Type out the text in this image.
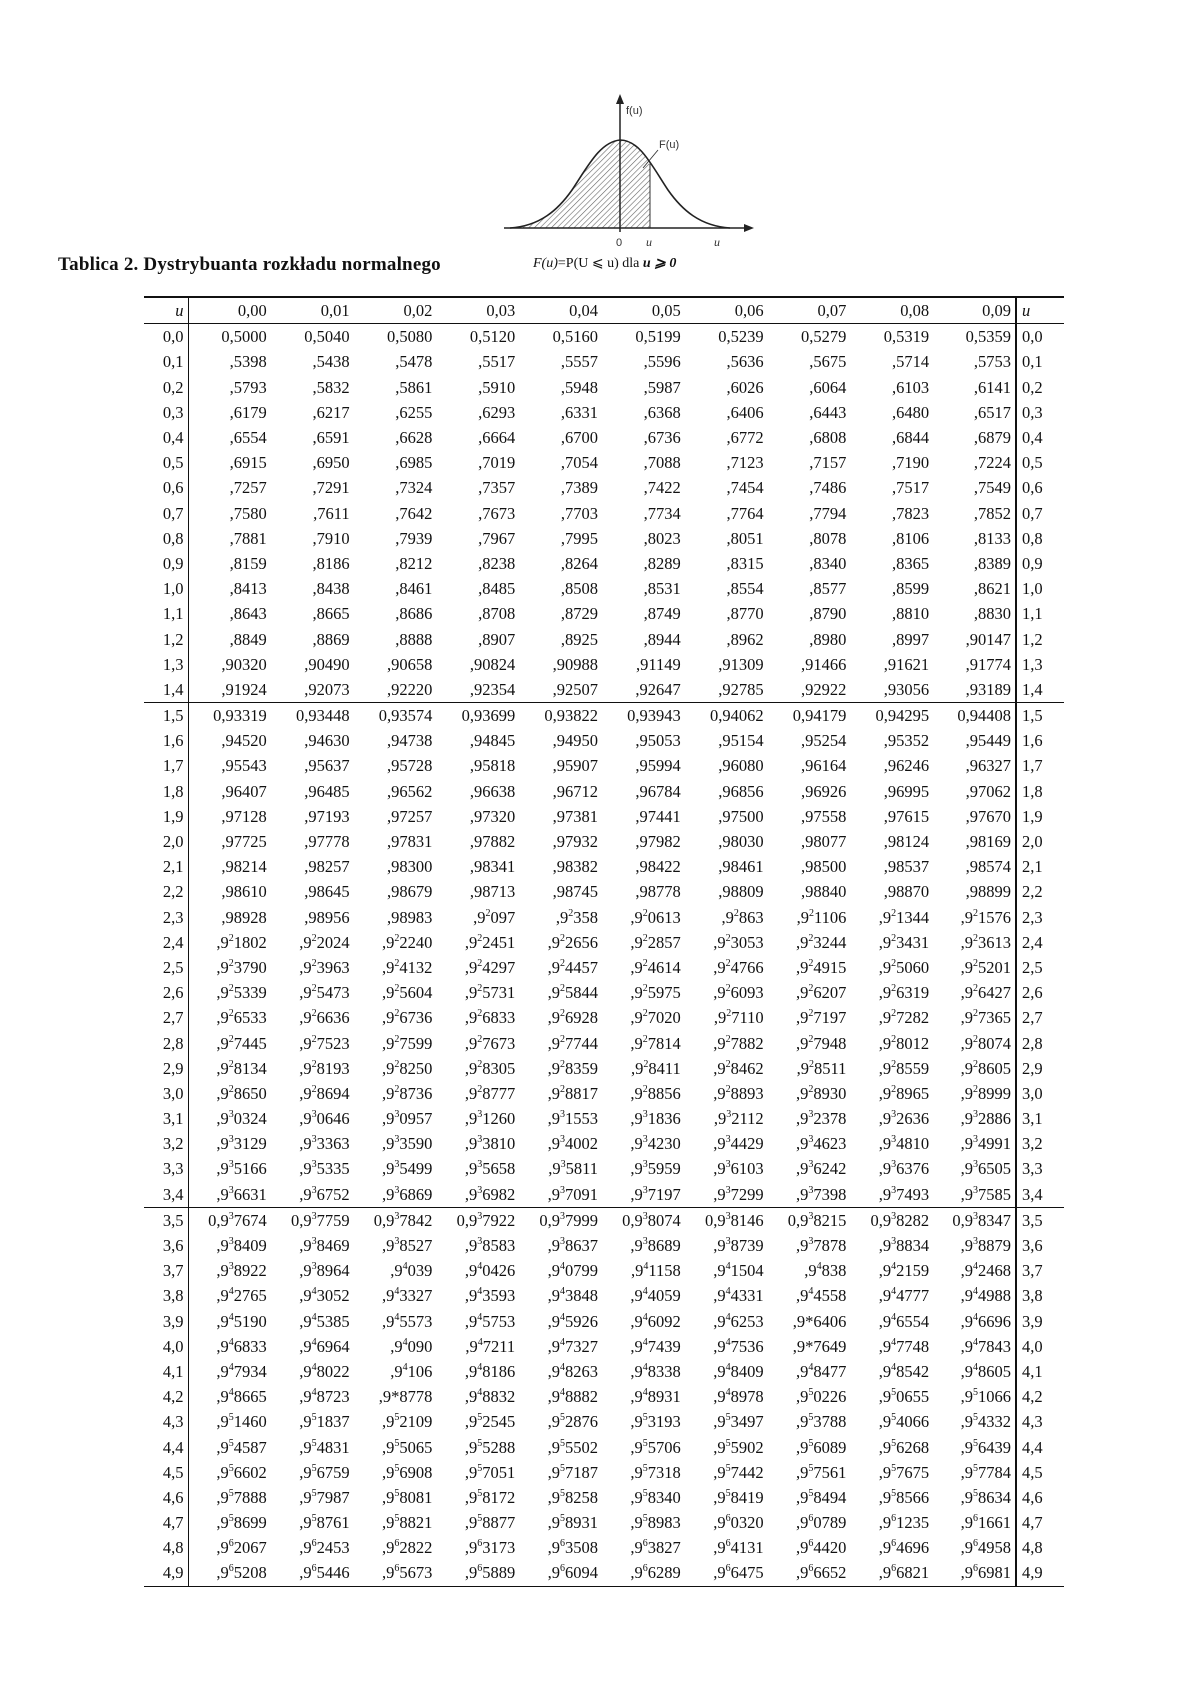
f(u)
F(u)
0 u	u
Tablica 2. Dystrybuanta rozkładu normalnego	F(u)=P(U ⩽ u) dla u ⩾ 0
u	0,00	0,01	0,02	0,03	0,04	0,05	0,06	0,07	0,08	0,09	u
0,0	0,5000	0,5040	0,5080	0,5120	0,5160	0,5199	0,5239	0,5279	0,5319	0,5359	0,0
0,1	,5398	,5438	,5478	,5517	,5557	,5596	,5636	,5675	,5714	,5753	0,1
0,2	,5793	,5832	,5861	,5910	,5948	,5987	,6026	,6064	,6103	,6141	0,2
0,3	,6179	,6217	,6255	,6293	,6331	,6368	,6406	,6443	,6480	,6517	0,3
0,4	,6554	,6591	,6628	,6664	,6700	,6736	,6772	,6808	,6844	,6879	0,4
0,5	,6915	,6950	,6985	,7019	,7054	,7088	,7123	,7157	,7190	,7224	0,5
0,6	,7257	,7291	,7324	,7357	,7389	,7422	,7454	,7486	,7517	,7549	0,6
0,7	,7580	,7611	,7642	,7673	,7703	,7734	,7764	,7794	,7823	,7852	0,7
0,8	,7881	,7910	,7939	,7967	,7995	,8023	,8051	,8078	,8106	,8133	0,8
0,9	,8159	,8186	,8212	,8238	,8264	,8289	,8315	,8340	,8365	,8389	0,9
1,0	,8413	,8438	,8461	,8485	,8508	,8531	,8554	,8577	,8599	,8621	1,0
1,1	,8643	,8665	,8686	,8708	,8729	,8749	,8770	,8790	,8810	,8830	1,1
1,2	,8849	,8869	,8888	,8907	,8925	,8944	,8962	,8980	,8997	,90147	1,2
1,3	,90320	,90490	,90658	,90824	,90988	,91149	,91309	,91466	,91621	,91774	1,3
1,4	,91924	,92073	,92220	,92354	,92507	,92647	,92785	,92922	,93056	,93189	1,4
1,5	0,93319	0,93448	0,93574	0,93699	0,93822	0,93943	0,94062	0,94179	0,94295	0,94408	1,5
1,6	,94520	,94630	,94738	,94845	,94950	,95053	,95154	,95254	,95352	,95449	1,6
1,7	,95543	,95637	,95728	,95818	,95907	,95994	,96080	,96164	,96246	,96327	1,7
1,8	,96407	,96485	,96562	,96638	,96712	,96784	,96856	,96926	,96995	,97062	1,8
1,9	,97128	,97193	,97257	,97320	,97381	,97441	,97500	,97558	,97615	,97670	1,9
2,0	,97725	,97778	,97831	,97882	,97932	,97982	,98030	,98077	,98124	,98169	2,0
2,1	,98214	,98257	,98300	,98341	,98382	,98422	,98461	,98500	,98537	,98574	2,1
2,2	,98610	,98645	,98679	,98713	,98745	,98778	,98809	,98840	,98870	,98899	2,2
2,3	,98928	,98956	,98983	$,9^2097$	$,9^2358$	$,9^20613$	$,9^2863$	$,9^21106$	$,9^21344$	$,9^21576$	2,3
2,4	$,9^21802$	$,9^22024$	$,9^22240$	$,9^22451$	$,9^22656$	$,9^22857$	$,9^23053$	$,9^23244$	$,9^23431$	$,9^23613$	2,4
2,5	$,9^23790$	$,9^23963$	$,9^24132$	$,9^24297$	$,9^24457$	$,9^24614$	$,9^24766$	$,9^24915$	$,9^25060$	$,9^25201$	2,5
2,6	$,9^25339$	$,9^25473$	$,9^25604$	$,9^25731$	$,9^25844$	$,9^25975$	$,9^26093$	$,9^26207$	$,9^26319$	$,9^26427$	2,6
2,7	$,9^26533$	$,9^26636$	$,9^26736$	$,9^26833$	$,9^26928$	$,9^27020$	$,9^27110$	$,9^27197$	$,9^27282$	$,9^27365$	2,7
2,8	$,9^27445$	$,9^27523$	$,9^27599$	$,9^27673$	$,9^27744$	$,9^27814$	$,9^27882$	$,9^27948$	$,9^28012$	$,9^28074$	2,8
2,9	$,9^28134$	$,9^28193$	$,9^28250$	$,9^28305$	$,9^28359$	$,9^28411$	$,9^28462$	$,9^28511$	$,9^28559$	$,9^28605$	2,9
3,0	$,9^28650$	$,9^28694$	$,9^28736$	$,9^28777$	$,9^28817$	$,9^28856$	$,9^28893$	$,9^28930$	$,9^28965$	$,9^28999$	3,0
3,1	$,9^30324$	$,9^30646$	$,9^30957$	$,9^31260$	$,9^31553$	$,9^31836$	$,9^32112$	$,9^32378$	$,9^32636$	$,9^32886$	3,1
3,2	$,9^33129$	$,9^33363$	$,9^33590$	$,9^33810$	$,9^34002$	$,9^34230$	$,9^34429$	$,9^34623$	$,9^34810$	$,9^34991$	3,2
3,3	$,9^35166$	$,9^35335$	$,9^35499$	$,9^35658$	$,9^35811$	$,9^35959$	$,9^36103$	$,9^36242$	$,9^36376$	$,9^36505$	3,3
3,4	$,9^36631$	$,9^36752$	$,9^36869$	$,9^36982$	$,9^37091$	$,9^37197$	$,9^37299$	$,9^37398$	$,9^37493$	$,9^37585$	3,4
3,5	$0,9^37674$	$0,9^37759$	$0,9^37842$	$0,9^37922$	$0,9^37999$	$0,9^38074$	$0,9^38146$	$0,9^38215$	$0,9^38282$	$0,9^38347$	3,5
3,6	$,9^38409$	$,9^38469$	$,9^38527$	$,9^38583$	$,9^38637$	$,9^38689$	$,9^38739$	$,9^37878$	$,9^38834$	$,9^38879$	3,6
3,7	$,9^38922$	$,9^38964$	$,9^4039$	$,9^40426$	$,9^40799$	$,9^41158$	$,9^41504$	$,9^4838$	$,9^42159$	$,9^42468$	3,7
3,8	$,9^42765$	$,9^43052$	$,9^43327$	$,9^43593$	$,9^43848$	$,9^44059$	$,9^44331$	$,9^44558$	$,9^44777$	$,9^44988$	3,8
3,9	$,9^45190$	$,9^45385$	$,9^45573$	$,9^45753$	$,9^45926$	$,9^46092$	$,9^46253$	,9*6406	$,9^46554$	$,9^46696$	3,9
4,0	$,9^46833$	$,9^46964$	$,9^4090$	$,9^47211$	$,9^47327$	$,9^47439$	$,9^47536$	,9*7649	$,9^47748$	$,9^47843$	4,0
4,1	$,9^47934$	$,9^48022$	$,9^4106$	$,9^48186$	$,9^48263$	$,9^48338$	$,9^48409$	$,9^48477$	$,9^48542$	$,9^48605$	4,1
4,2	$,9^48665$	$,9^48723$	,9*8778	$,9^48832$	$,9^48882$	$,9^48931$	$,9^48978$	$,9^50226$	$,9^50655$	$,9^51066$	4,2
4,3	$,9^51460$	$,9^51837$	$,9^52109$	$,9^52545$	$,9^52876$	$,9^53193$	$,9^53497$	$,9^53788$	$,9^54066$	$,9^54332$	4,3
4,4	$,9^54587$	$,9^54831$	$,9^55065$	$,9^55288$	$,9^55502$	$,9^55706$	$,9^55902$	$,9^56089$	$,9^56268$	$,9^56439$	4,4
4,5	$,9^56602$	$,9^56759$	$,9^56908$	$,9^57051$	$,9^57187$	$,9^57318$	$,9^57442$	$,9^57561$	$,9^57675$	$,9^57784$	4,5
4,6	$,9^57888$	$,9^57987$	$,9^58081$	$,9^58172$	$,9^58258$	$,9^58340$	$,9^58419$	$,9^58494$	$,9^58566$	$,9^58634$	4,6
4,7	$,9^58699$	$,9^58761$	$,9^58821$	$,9^58877$	$,9^58931$	$,9^58983$	$,9^60320$	$,9^60789$	$,9^61235$	$,9^61661$	4,7
4,8	$,9^62067$	$,9^62453$	$,9^62822$	$,9^63173$	$,9^63508$	$,9^63827$	$,9^64131$	$,9^64420$	$,9^64696$	$,9^64958$	4,8
4,9	$,9^65208$	$,9^65446$	$,9^65673$	$,9^65889$	$,9^66094$	$,9^66289$	$,9^66475$	$,9^66652$	$,9^66821$	$,9^66981$	4,9
